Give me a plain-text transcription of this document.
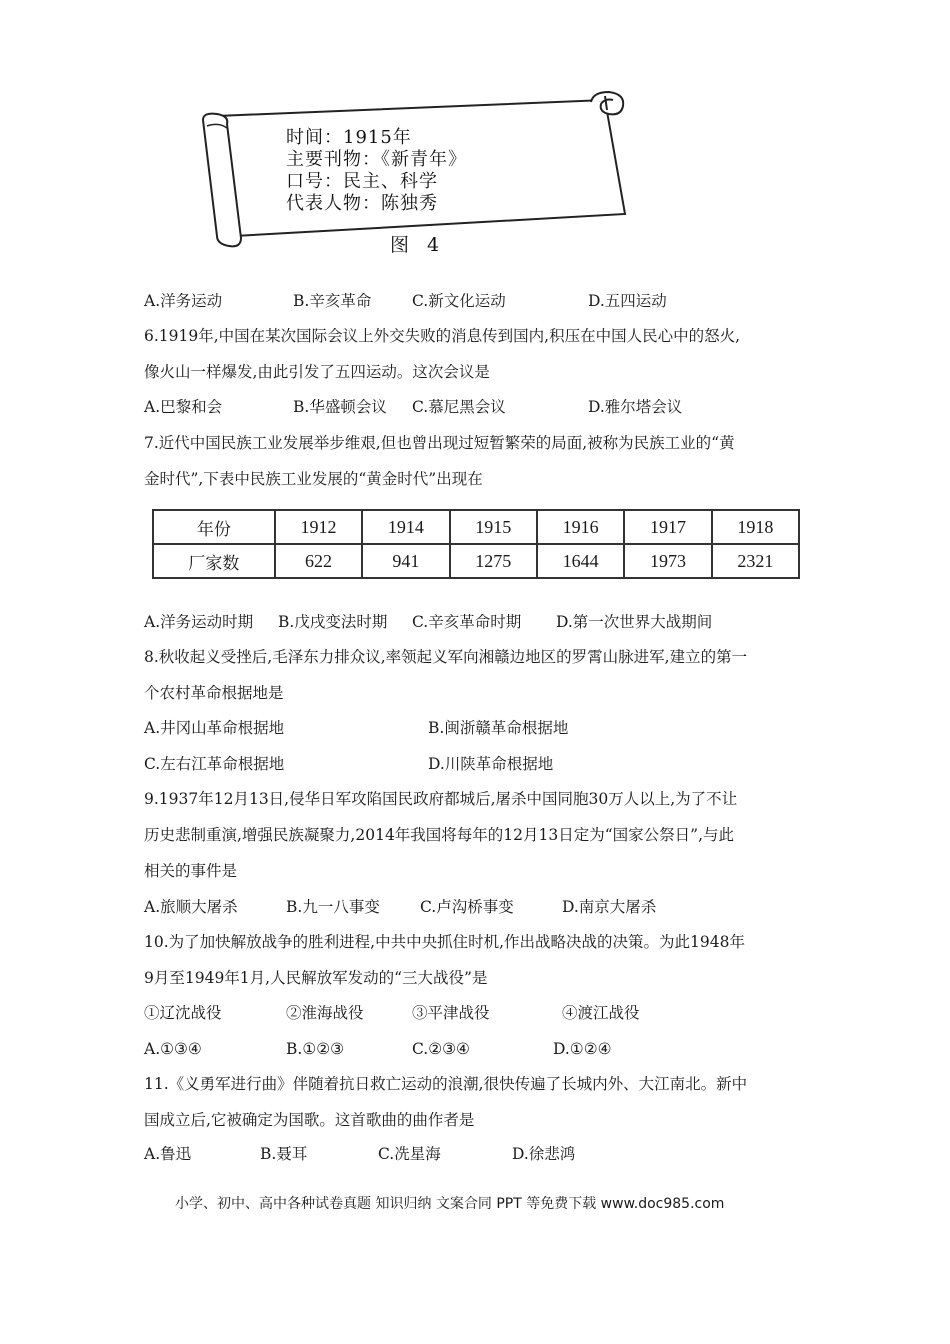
时间：1915年
主要刊物：《新青年》
口号：民主、科学
代表人物：陈独秀
图 4
A.洋务运动	B.辛亥革命	C.新文化运动	D.五四运动
6.1919年,中国在某次国际会议上外交失败的消息传到国内,积压在中国人民心中的怒火,
像火山一样爆发,由此引发了五四运动。这次会议是
A.巴黎和会	B.华盛顿会议 C.慕尼黑会议	D.雅尔塔会议
7.近代中国民族工业发展举步维艰,但也曾出现过短暂繁荣的局面,被称为民族工业的“黄
金时代”,下表中民族工业发展的“黄金时代”出现在
年份	1912	1914	1915	1916	1917	1918
厂家数	622	941	1275	1644	1973	2321
A.洋务运动时期 B.戊戌变法时期 C.辛亥革命时期 D.第一次世界大战期间
8.秋收起义受挫后,毛泽东力排众议,率领起义军向湘赣边地区的罗霄山脉进军,建立的第一
个农村革命根据地是
A.井冈山革命根据地	B.闽浙赣革命根据地
C.左右江革命根据地	D.川陕革命根据地
9.1937年12月13日,侵华日军攻陷国民政府都城后,屠杀中国同胞30万人以上,为了不让
历史悲制重演,增强民族凝聚力,2014年我国将每年的12月13日定为“国家公祭日”,与此
相关的事件是
A.旅顺大屠杀	B.九一八事变	C.卢沟桥事变	D.南京大屠杀
10.为了加快解放战争的胜利进程,中共中央抓住时机,作出战略决战的决策。为此1948年
9月至1949年1月,人民解放军发动的“三大战役”是
①辽沈战役	②淮海战役	③平津战役	④渡江战役
A.①③④	B.①②③	C.②③④	D.①②④
11.《义勇军进行曲》伴随着抗日救亡运动的浪潮,很快传遍了长城内外、大江南北。新中
国成立后,它被确定为国歌。这首歌曲的曲作者是
A.鲁迅	B.聂耳	C.冼星海	D.徐悲鸿
小学、初中、高中各种试卷真题 知识归纳 文案合同 PPT 等免费下载 www.doc985.com
